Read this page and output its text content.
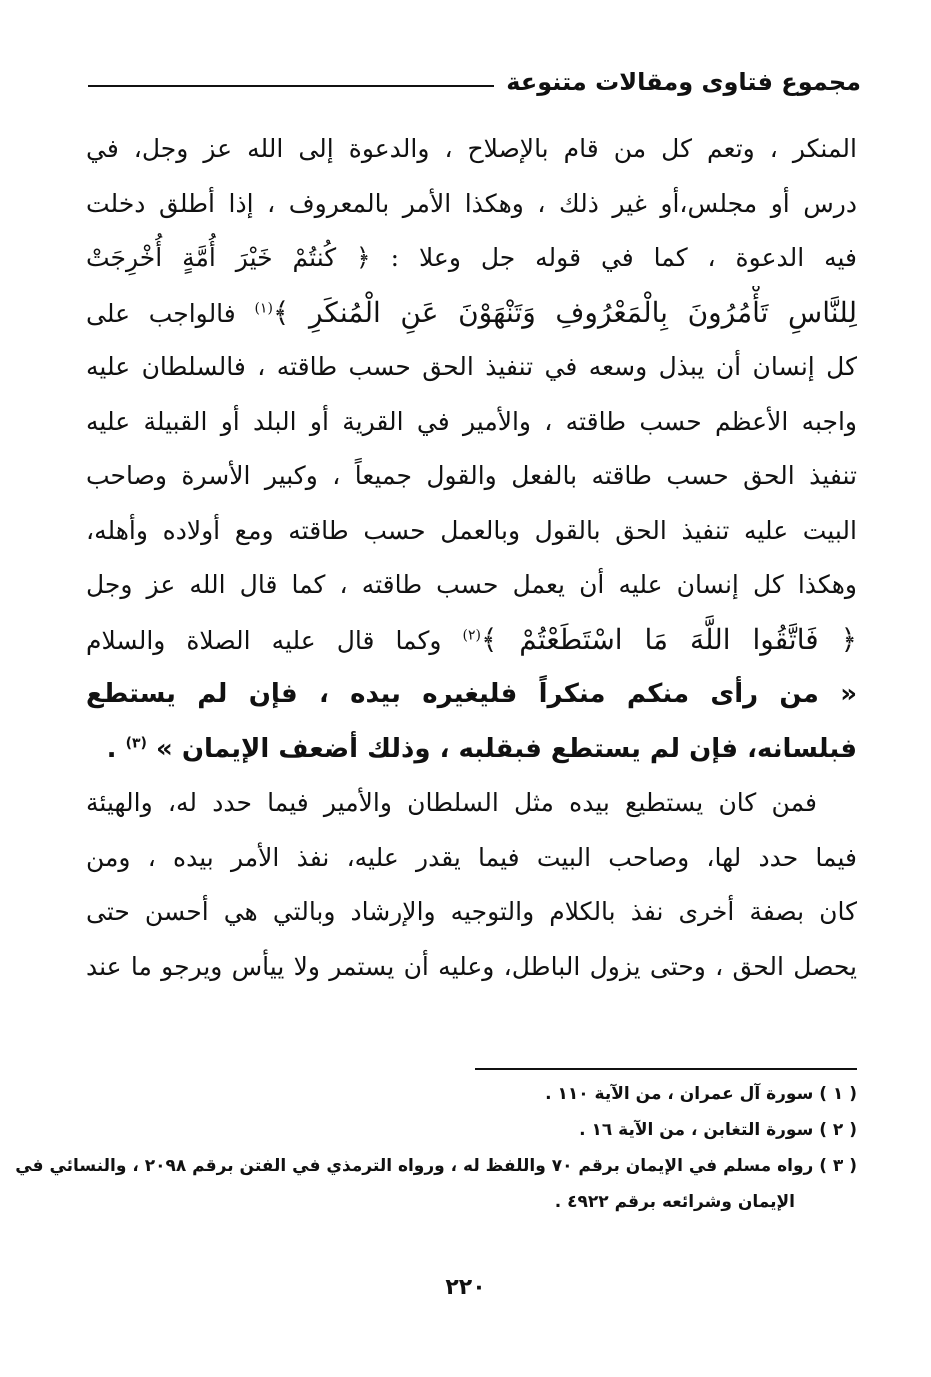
مجموع فتاوى ومقالات متنوعة
المنكر ، وتعم كل من قام بالإصلاح ، والدعوة إلى الله عز وجل، في
درس أو مجلس،أو غير ذلك ، وهكذا الأمر بالمعروف ، إذا أطلق دخلت
فيه الدعوة ، كما في قوله جل وعلا : ﴿ كُنتُمْ خَيْرَ أُمَّةٍ أُخْرِجَتْ
لِلنَّاسِ تَأْمُرُونَ بِالْمَعْرُوفِ وَتَنْهَوْنَ عَنِ الْمُنكَرِ ﴾$^{(١)}$ فالواجب على
كل إنسان أن يبذل وسعه في تنفيذ الحق حسب طاقته ، فالسلطان عليه
واجبه الأعظم حسب طاقته ، والأمير في القرية أو البلد أو القبيلة عليه
تنفيذ الحق حسب طاقته بالفعل والقول جميعاً ، وكبير الأسرة وصاحب
البيت عليه تنفيذ الحق بالقول وبالعمل حسب طاقته ومع أولاده وأهله،
وهكذا كل إنسان عليه أن يعمل حسب طاقته ، كما قال الله عز وجل
﴿ فَاتَّقُوا اللَّهَ مَا اسْتَطَعْتُمْ ﴾$^{(٢)}$ وكما قال عليه الصلاة والسلام
« من رأى منكم منكراً فليغيره بيده ، فإن لم يستطع
فبلسانه، فإن لم يستطع فبقلبه ، وذلك أضعف الإيمان » $^{(٣)}$ .
فمن كان يستطيع بيده مثل السلطان والأمير فيما حدد له، والهيئة
فيما حدد لها، وصاحب البيت فيما يقدر عليه، نفذ الأمر بيده ، ومن
كان بصفة أخرى نفذ بالكلام والتوجيه والإرشاد وبالتي هي أحسن حتى
يحصل الحق ، وحتى يزول الباطل، وعليه أن يستمر ولا ييأس ويرجو ما عند
( ١ ) سورة آل عمران ، من الآية ١١٠ .
( ٢ ) سورة التغابن ، من الآية ١٦ .
( ٣ ) رواه مسلم في الإيمان برقم ٧٠ واللفظ له ، ورواه الترمذي في الفتن برقم ٢٠٩٨ ، والنسائي في
الإيمان وشرائعه برقم ٤٩٢٢ .
٢٢٠
